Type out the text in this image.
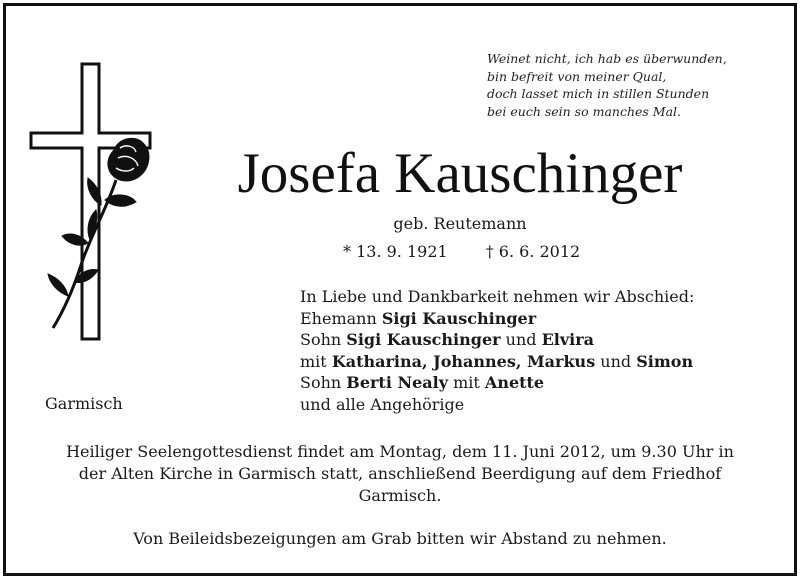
Weinet nicht, ich hab es überwunden,
bin befreit von meiner Qual,
doch lasset mich in stillen Stunden
bei euch sein so manches Mal.
Josefa Kauschinger
geb. Reutemann
* 13. 9. 1921 † 6. 6. 2012
In Liebe und Dankbarkeit nehmen wir Abschied:
Ehemann Sigi Kauschinger
Sohn Sigi Kauschinger und Elvira
mit Katharina, Johannes, Markus und Simon
Sohn Berti Nealy mit Anette
und alle Angehörige
Garmisch
Heiliger Seelengottesdienst findet am Montag, dem 11. Juni 2012, um 9.30 Uhr in
der Alten Kirche in Garmisch statt, anschließend Beerdigung auf dem Friedhof
Garmisch.
Von Beileidsbezeigungen am Grab bitten wir Abstand zu nehmen.
